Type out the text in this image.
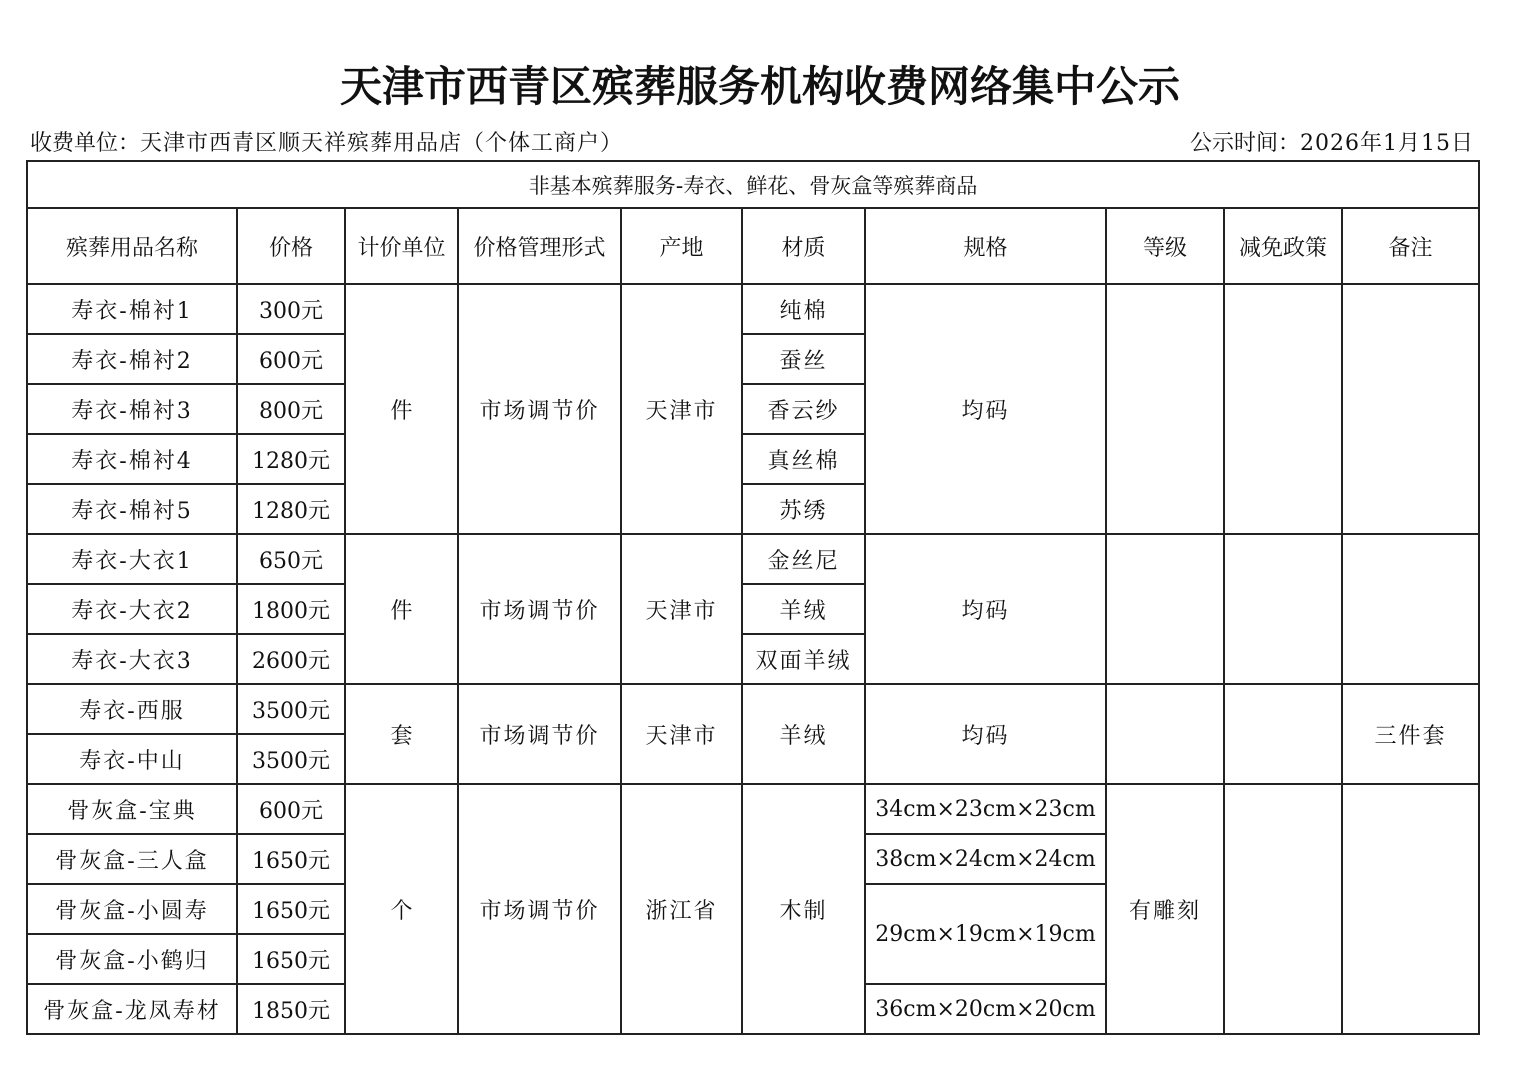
天津市西青区殡葬服务机构收费网络集中公示
收费单位：天津市西青区顺天祥殡葬用品店（个体工商户）	公示时间：2026年1月15日
非基本殡葬服务-寿衣、鲜花、骨灰盒等殡葬商品									
殡葬用品名称	价格	计价单位	价格管理形式	产地	材质	规格	等级	减免政策	备注
寿衣-棉衬1	300元	件	市场调节价	天津市	纯棉	均码			
寿衣-棉衬2	600元				蚕丝				
寿衣-棉衬3	800元				香云纱				
寿衣-棉衬4	1280元				真丝棉				
寿衣-棉衬5	1280元				苏绣				
寿衣-大衣1	650元	件	市场调节价	天津市	金丝尼	均码			
寿衣-大衣2	1800元				羊绒				
寿衣-大衣3	2600元				双面羊绒				
寿衣-西服	3500元	套	市场调节价	天津市	羊绒	均码			三件套
寿衣-中山	3500元								
骨灰盒-宝典	600元	个	市场调节价	浙江省	木制	34cm×23cm×23cm	有雕刻		
骨灰盒-三人盒	1650元					38cm×24cm×24cm			
骨灰盒-小圆寿	1650元					29cm×19cm×19cm			
骨灰盒-小鹤归	1650元								
骨灰盒-龙凤寿材	1850元					36cm×20cm×20cm			
